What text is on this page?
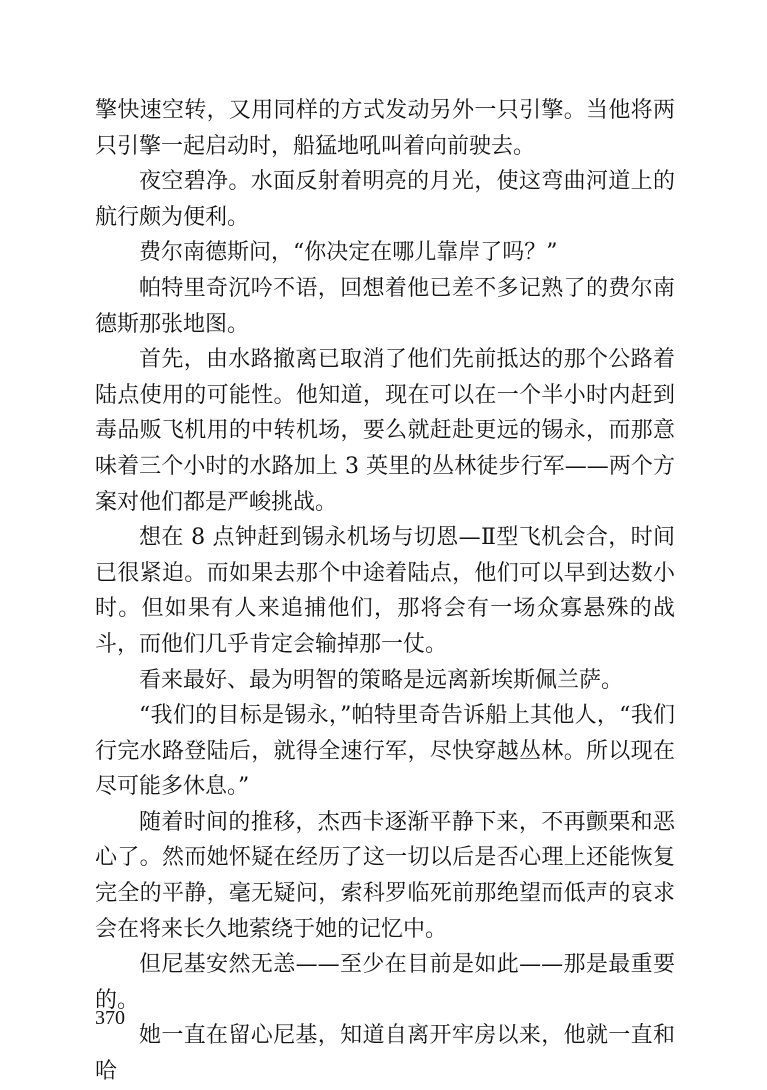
擎快速空转，又用同样的方式发动另外一只引擎。当他将两只引擎一起启动时，船猛地吼叫着向前驶去。

夜空碧净。水面反射着明亮的月光，使这弯曲河道上的航行颇为便利。

费尔南德斯问，“你决定在哪儿靠岸了吗？”

帕特里奇沉吟不语，回想着他已差不多记熟了的费尔南德斯那张地图。

首先，由水路撤离已取消了他们先前抵达的那个公路着陆点使用的可能性。他知道，现在可以在一个半小时内赶到毒品贩飞机用的中转机场，要么就赶赴更远的锡永，而那意味着三个小时的水路加上 3 英里的丛林徒步行军——两个方案对他们都是严峻挑战。

想在 8 点钟赶到锡永机场与切恩—Ⅱ型飞机会合，时间已很紧迫。而如果去那个中途着陆点，他们可以早到达数小时。但如果有人来追捕他们，那将会有一场众寡悬殊的战斗，而他们几乎肯定会输掉那一仗。

看来最好、最为明智的策略是远离新埃斯佩兰萨。

“我们的目标是锡永，”帕特里奇告诉船上其他人，“我们行完水路登陆后，就得全速行军，尽快穿越丛林。所以现在尽可能多休息。”

随着时间的推移，杰西卡逐渐平静下来，不再颤栗和恶心了。然而她怀疑在经历了这一切以后是否心理上还能恢复完全的平静，毫无疑问，索科罗临死前那绝望而低声的哀求会在将来长久地萦绕于她的记忆中。

但尼基安然无恙——至少在目前是如此——那是最重要的。

她一直在留心尼基，知道自离开牢房以来，他就一直和哈

370
